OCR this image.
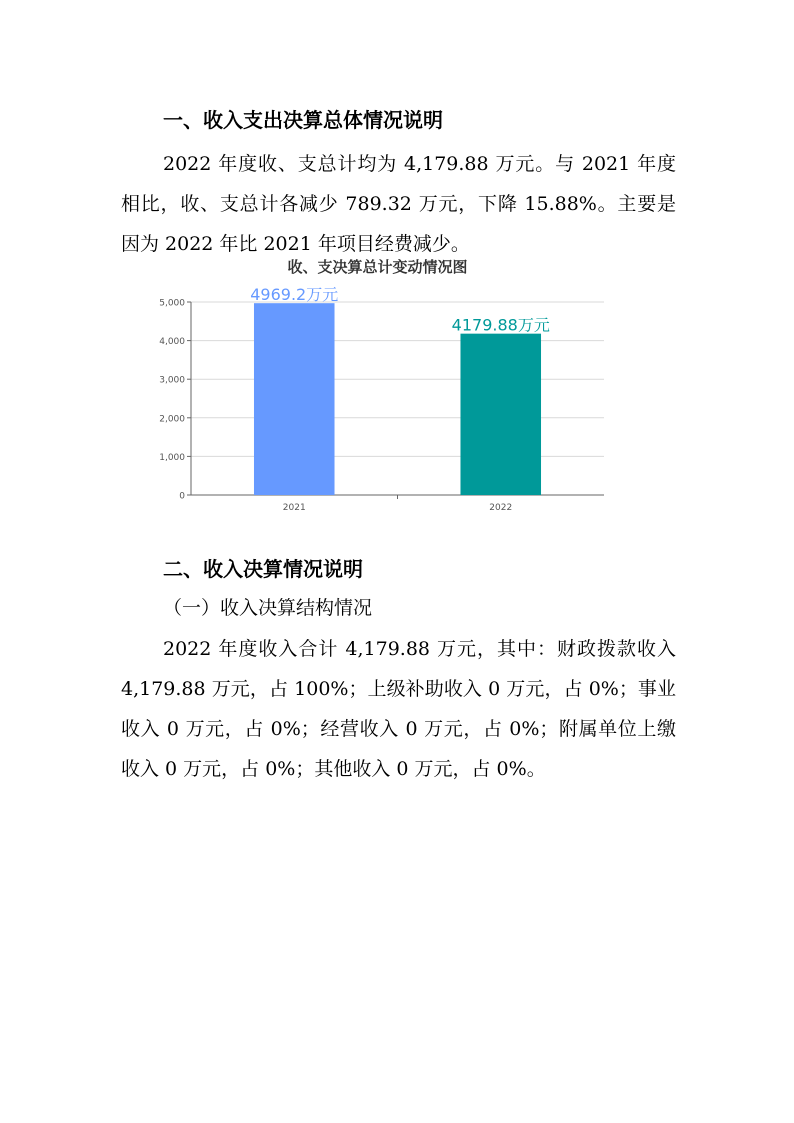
一、收入支出决算总体情况说明
2022 年度收、支总计均为 4,179.88 万元。与 2021 年度相比，收、支总计各减少 789.32 万元，下降 15.88%。主要是因为 2022 年比 2021 年项目经费减少。
收、支决算总计变动情况图
0
1,000
2,000
3,000
4,000
5,000	4969.2万元
2021
4179.88万元
2022
二、收入决算情况说明
（一）收入决算结构情况
2022 年度收入合计 4,179.88 万元，其中：财政拨款收入 4,179.88 万元，占 100%；上级补助收入 0 万元，占 0%；事业收入 0 万元，占 0%；经营收入 0 万元，占 0%；附属单位上缴收入 0 万元，占 0%；其他收入 0 万元，占 0%。
